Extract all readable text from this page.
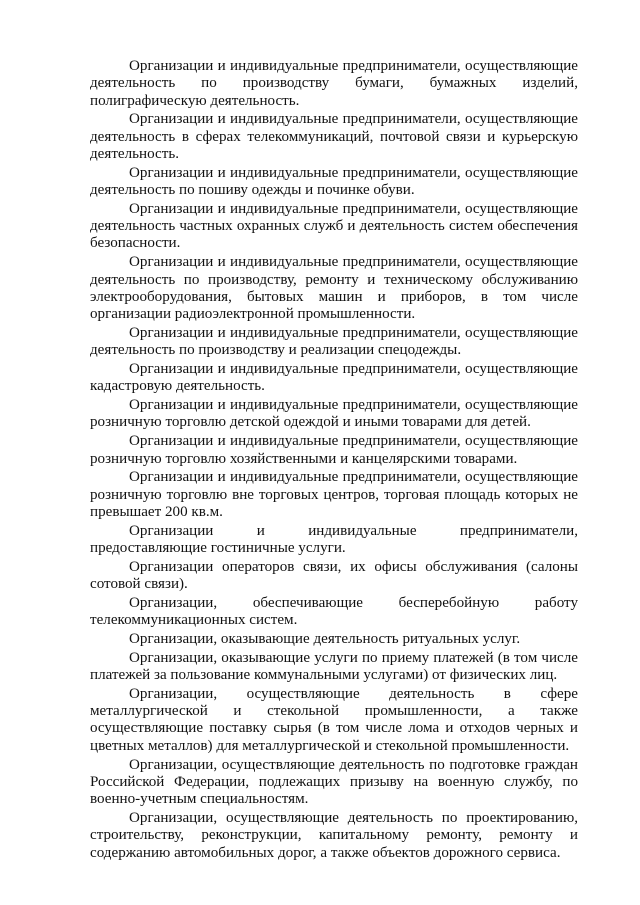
Организации и индивидуальные предприниматели, осуществляющие деятельность по производству бумаги, бумажных изделий, полиграфическую деятельность.

Организации и индивидуальные предприниматели, осуществляющие деятельность в сферах телекоммуникаций, почтовой связи и курьерскую деятельность.

Организации и индивидуальные предприниматели, осуществляющие деятельность по пошиву одежды и починке обуви.

Организации и индивидуальные предприниматели, осуществляющие деятельность частных охранных служб и деятельность систем обеспечения безопасности.

Организации и индивидуальные предприниматели, осуществляющие деятельность по производству, ремонту и техническому обслуживанию электрооборудования, бытовых машин и приборов, в том числе организации радиоэлектронной промышленности.

Организации и индивидуальные предприниматели, осуществляющие деятельность по производству и реализации спецодежды.

Организации и индивидуальные предприниматели, осуществляющие кадастровую деятельность.

Организации и индивидуальные предприниматели, осуществляющие розничную торговлю детской одеждой и иными товарами для детей.

Организации и индивидуальные предприниматели, осуществляющие розничную торговлю хозяйственными и канцелярскими товарами.

Организации и индивидуальные предприниматели, осуществляющие розничную торговлю вне торговых центров, торговая площадь которых не превышает 200 кв.м.

Организации и индивидуальные предприниматели, предоставляющие гостиничные услуги.

Организации операторов связи, их офисы обслуживания (салоны сотовой связи).

Организации, обеспечивающие бесперебойную работу телекоммуникационных систем.

Организации, оказывающие деятельность ритуальных услуг.

Организации, оказывающие услуги по приему платежей (в том числе платежей за пользование коммунальными услугами) от физических лиц.

Организации, осуществляющие деятельность в сфере металлургической и стекольной промышленности, а также осуществляющие поставку сырья (в том числе лома и отходов черных и цветных металлов) для металлургической и стекольной промышленности.

Организации, осуществляющие деятельность по подготовке граждан Российской Федерации, подлежащих призыву на военную службу, по военно-учетным специальностям.

Организации, осуществляющие деятельность по проектированию, строительству, реконструкции, капитальному ремонту, ремонту и содержанию автомобильных дорог, а также объектов дорожного сервиса.
